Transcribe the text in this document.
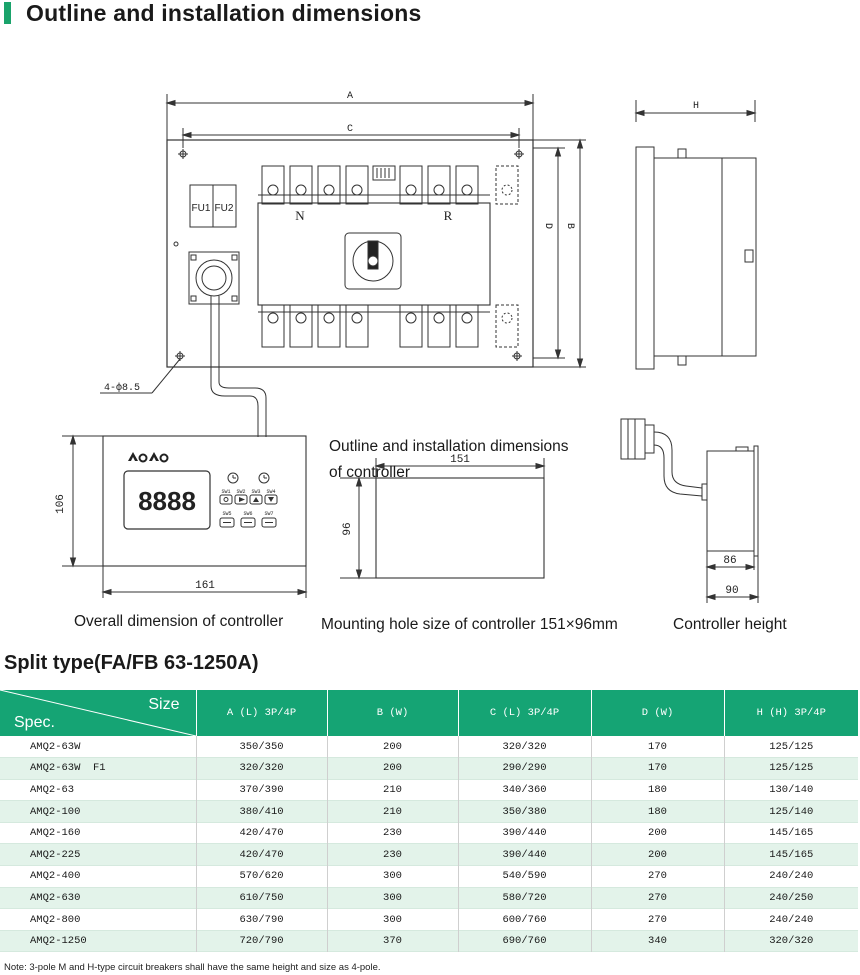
Outline and installation dimensions
A
C
FU1 FU2	N	R
D B
4-ф8.5
H
8888	SW1 SW2 SW3 SW4
SW5 SW6 SW7
106
161
151
96
86
90
Overall dimension of controller Mounting hole size of controller 151×96mm	Controller height
Outline and installation dimensions
of controller
Split type(FA/FB 63-1250A)
Size
Spec.	A (L) 3P/4P	B (W)	C (L) 3P/4P	D (W)	H (H) 3P/4P
AMQ2-63W	350/350	200	320/320	170	125/125
AMQ2-63W  F1	320/320	200	290/290	170	125/125
AMQ2-63	370/390	210	340/360	180	130/140
AMQ2-100	380/410	210	350/380	180	125/140
AMQ2-160	420/470	230	390/440	200	145/165
AMQ2-225	420/470	230	390/440	200	145/165
AMQ2-400	570/620	300	540/590	270	240/240
AMQ2-630	610/750	300	580/720	270	240/250
AMQ2-800	630/790	300	600/760	270	240/240
AMQ2-1250	720/790	370	690/760	340	320/320
Note: 3-pole M and H-type circuit breakers shall have the same height and size as 4-pole.
